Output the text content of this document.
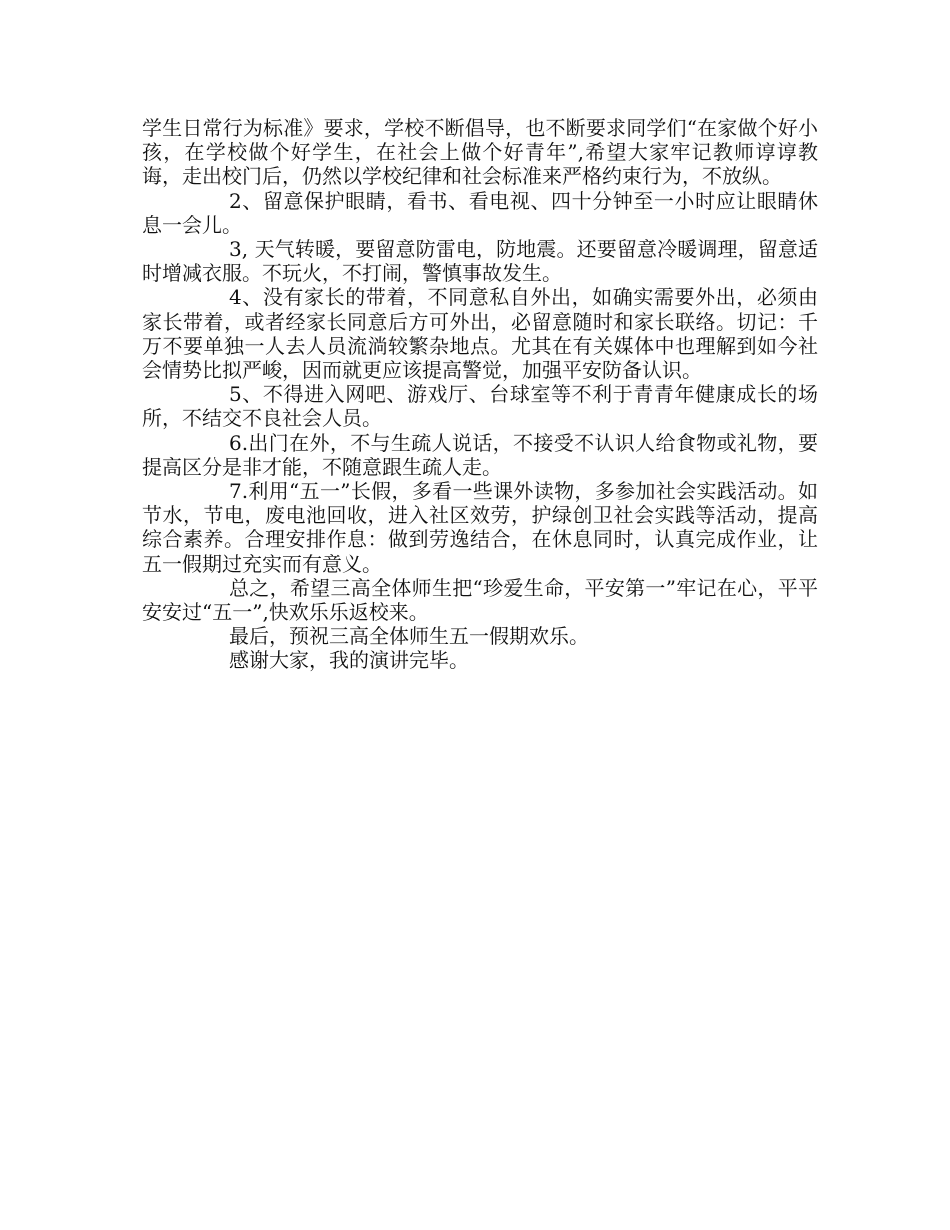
学生日常行为标准》要求，学校不断倡导，也不断要求同学们“在家做个好小孩，在学校做个好学生，在社会上做个好青年”,希望大家牢记教师谆谆教诲，走出校门后，仍然以学校纪律和社会标准来严格约束行为，不放纵。

2、留意保护眼睛，看书、看电视、四十分钟至一小时应让眼睛休息一会儿。

3, 天气转暖，要留意防雷电，防地震。还要留意冷暖调理，留意适时增减衣服。不玩火，不打闹，警慎事故发生。

4、没有家长的带着，不同意私自外出，如确实需要外出，必须由家长带着，或者经家长同意后方可外出，必留意随时和家长联络。切记：千万不要单独一人去人员流淌较繁杂地点。尤其在有关媒体中也理解到如今社会情势比拟严峻，因而就更应该提高警觉，加强平安防备认识。

5、不得进入网吧、游戏厅、台球室等不利于青青年健康成长的场所，不结交不良社会人员。

6.出门在外，不与生疏人说话，不接受不认识人给食物或礼物，要提高区分是非才能，不随意跟生疏人走。

7.利用“五一”长假，多看一些课外读物，多参加社会实践活动。如节水，节电，废电池回收，进入社区效劳，护绿创卫社会实践等活动，提高综合素养。合理安排作息：做到劳逸结合，在休息同时，认真完成作业，让五一假期过充实而有意义。

总之，希望三高全体师生把“珍爱生命，平安第一”牢记在心，平平安安过“五一”,快欢乐乐返校来。

最后，预祝三高全体师生五一假期欢乐。

感谢大家，我的演讲完毕。
